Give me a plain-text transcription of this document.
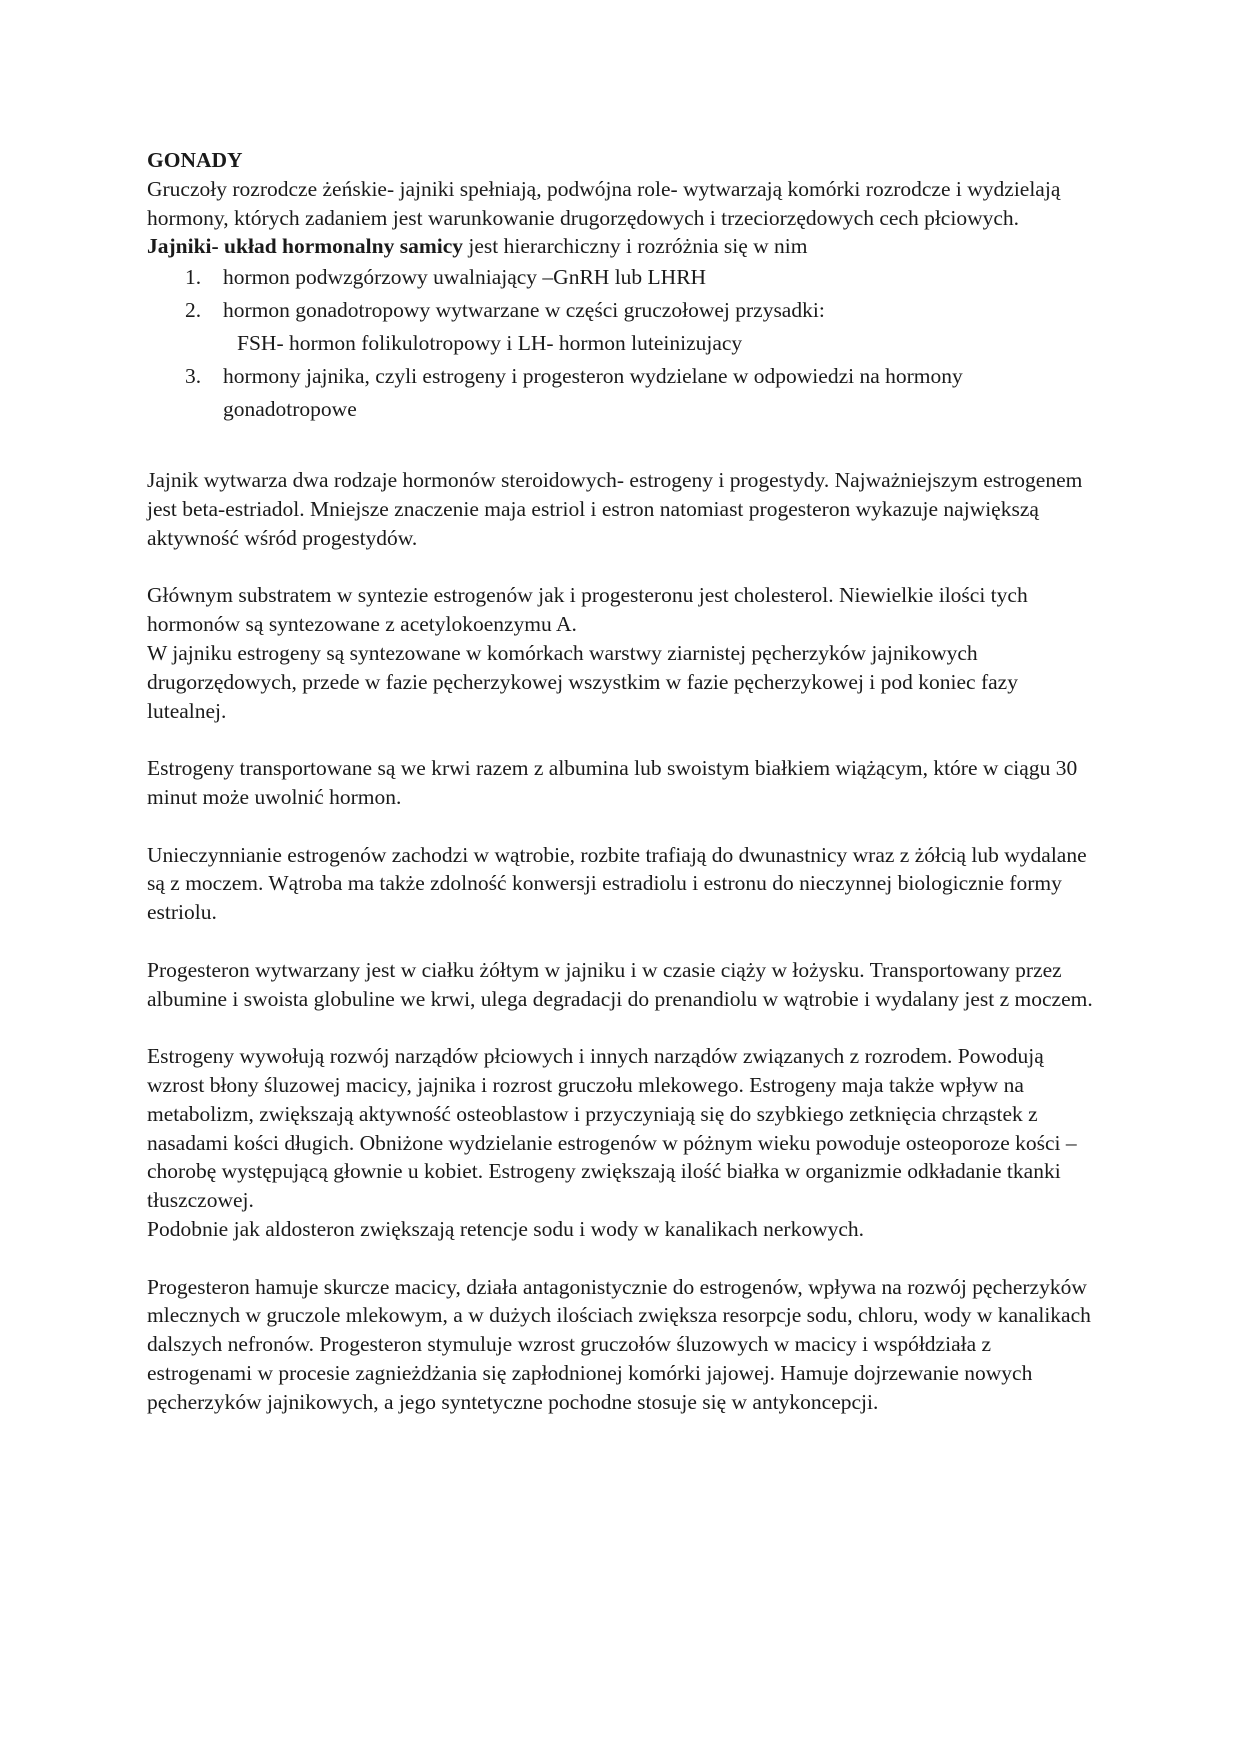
GONADY

Gruczoły rozrodcze żeńskie- jajniki spełniają, podwójna role- wytwarzają komórki rozrodcze i wydzielają hormony, których zadaniem jest warunkowanie drugorzędowych i trzeciorzędowych cech płciowych.

Jajniki- układ hormonalny samicy jest hierarchiczny i rozróżnia się w nim

1. hormon podwzgórzowy uwalniający –GnRH lub LHRH
2. hormon gonadotropowy wytwarzane w części gruczołowej przysadki:
FSH- hormon folikulotropowy i LH- hormon luteinizujacy
3. hormony jajnika, czyli estrogeny i progesteron wydzielane w odpowiedzi na hormony gonadotropowe

Jajnik wytwarza dwa rodzaje hormonów steroidowych- estrogeny i progestydy. Najważniejszym estrogenem jest beta-estriadol. Mniejsze znaczenie maja estriol i estron natomiast progesteron wykazuje największą aktywność wśród progestydów.

Głównym substratem w syntezie estrogenów jak i progesteronu jest cholesterol. Niewielkie ilości tych hormonów są syntezowane z acetylokoenzymu A.

W jajniku estrogeny są syntezowane w komórkach warstwy ziarnistej pęcherzyków jajnikowych drugorzędowych, przede w fazie pęcherzykowej wszystkim w fazie pęcherzykowej i pod koniec fazy lutealnej.

Estrogeny transportowane są we krwi razem z albumina lub swoistym białkiem wiążącym, które w ciągu 30 minut może uwolnić hormon.

Unieczynnianie estrogenów zachodzi w wątrobie, rozbite trafiają do dwunastnicy wraz z żółcią lub wydalane są z moczem. Wątroba ma także zdolność konwersji estradiolu i estronu do nieczynnej biologicznie formy estriolu.

Progesteron wytwarzany jest w ciałku żółtym w jajniku i w czasie ciąży w łożysku. Transportowany przez albumine i swoista globuline we krwi, ulega degradacji do prenandiolu w wątrobie i wydalany jest z moczem.

Estrogeny wywołują rozwój narządów płciowych i innych narządów związanych z rozrodem. Powodują wzrost błony śluzowej macicy, jajnika i rozrost gruczołu mlekowego. Estrogeny maja także wpływ na metabolizm, zwiększają aktywność osteoblastow i przyczyniają się do szybkiego zetknięcia chrząstek z nasadami kości długich. Obniżone wydzielanie estrogenów w póżnym wieku powoduje osteoporoze kości – chorobę występującą głownie u kobiet. Estrogeny zwiększają ilość białka w organizmie odkładanie tkanki tłuszczowej.

Podobnie jak aldosteron zwiększają retencje sodu i wody w kanalikach nerkowych.

Progesteron hamuje skurcze macicy, działa antagonistycznie do estrogenów, wpływa na rozwój pęcherzyków mlecznych w gruczole mlekowym, a w dużych ilościach zwiększa resorpcje sodu, chloru, wody w kanalikach dalszych nefronów. Progesteron stymuluje wzrost gruczołów śluzowych w macicy i współdziała z estrogenami w procesie zagnieżdżania się zapłodnionej komórki jajowej. Hamuje dojrzewanie nowych pęcherzyków jajnikowych, a jego syntetyczne pochodne stosuje się w antykoncepcji.
